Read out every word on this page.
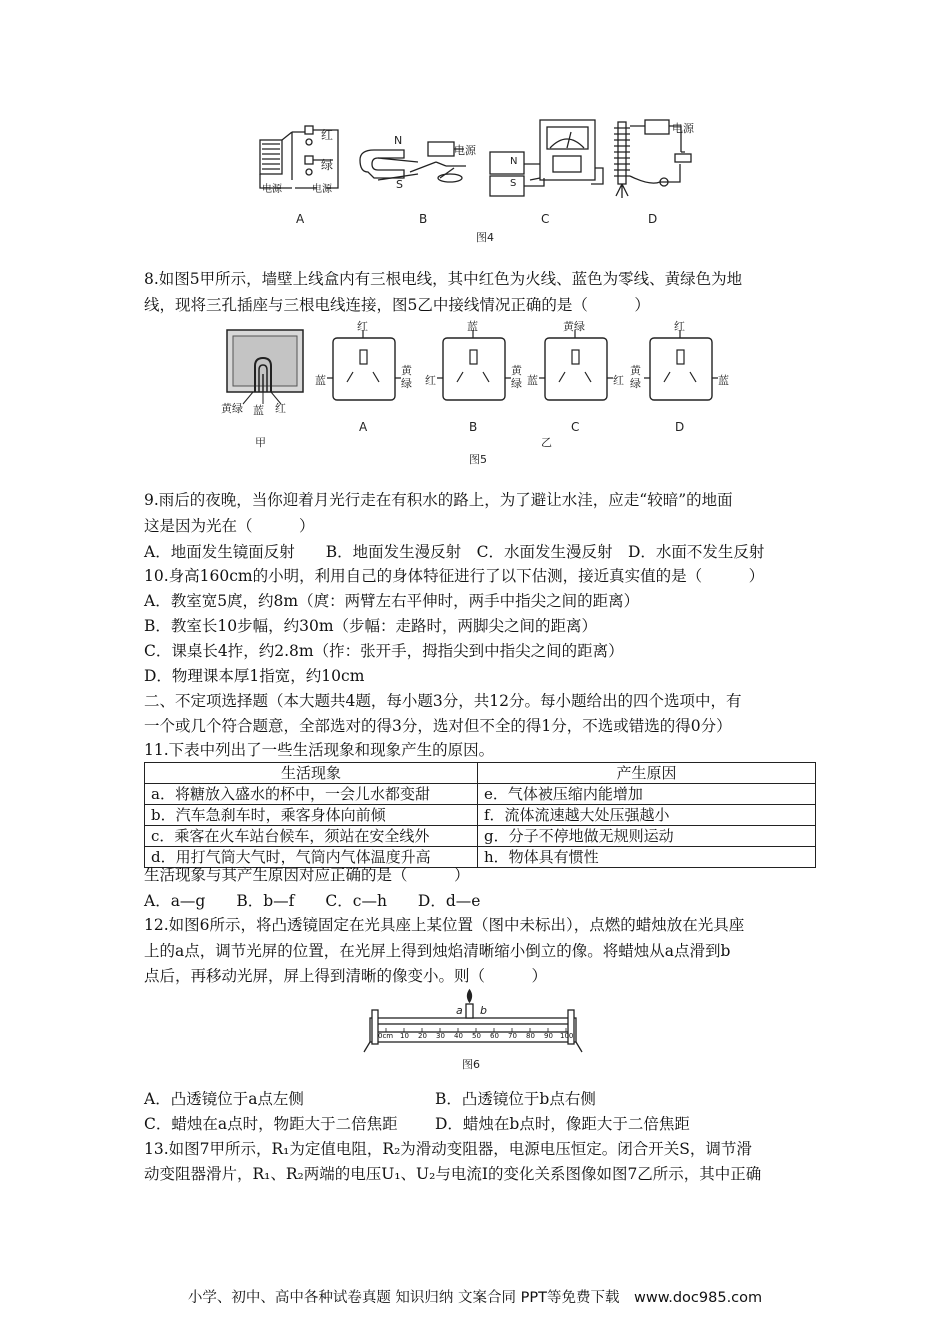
红
绿
电源	电源
N
S
电源
N
S
电源
A	B	C	D
图4
8.如图5甲所示，墙壁上线盒内有三根电线，其中红色为火线、蓝色为零线、黄绿色为地
线，现将三孔插座与三根电线连接，图5乙中接线情况正确的是（　　　）
黄绿 蓝 红
甲
红
蓝
黄绿
蓝
红
黄绿
黄绿
蓝	红
红
黄绿	蓝
A	B	C	D
乙
图5
9.雨后的夜晚，当你迎着月光行走在有积水的路上，为了避让水洼，应走“较暗”的地面
这是因为光在（　　　）
A．地面发生镜面反射　　B．地面发生漫反射　C．水面发生漫反射　D．水面不发生反射
10.身高160cm的小明，利用自己的身体特征进行了以下估测，接近真实值的是（　　　）
A．教室宽5庹，约8m（庹：两臂左右平伸时，两手中指尖之间的距离）
B．教室长10步幅，约30m（步幅：走路时，两脚尖之间的距离）
C．课桌长4拃，约2.8m（拃：张开手，拇指尖到中指尖之间的距离）
D．物理课本厚1指宽，约10cm
二、不定项选择题（本大题共4题，每小题3分，共12分。每小题给出的四个选项中，有
一个或几个符合题意，全部选对的得3分，选对但不全的得1分，不选或错选的得0分）
11.下表中列出了一些生活现象和现象产生的原因。
生活现象	产生原因
a．将糖放入盛水的杯中，一会儿水都变甜	e．气体被压缩内能增加
b．汽车急刹车时，乘客身体向前倾	f．流体流速越大处压强越小
c．乘客在火车站台候车，须站在安全线外	g．分子不停地做无规则运动
d．用打气筒大气时，气筒内气体温度升高	h．物体具有惯性
生活现象与其产生原因对应正确的是（　　　）
A．a—g　　B．b—f　　C．c—h　　D．d—e
12.如图6所示，将凸透镜固定在光具座上某位置（图中未标出），点燃的蜡烛放在光具座
上的a点，调节光屏的位置，在光屏上得到烛焰清晰缩小倒立的像。将蜡烛从a点滑到b
点后，再移动光屏，屏上得到清晰的像变小。则（　　　）
a b
0cm 10 20 30 40 50 60 70 80 90 100
图6
A．凸透镜位于a点左侧	B．凸透镜位于b点右侧
C．蜡烛在a点时，物距大于二倍焦距 D．蜡烛在b点时，像距大于二倍焦距
13.如图7甲所示，R₁为定值电阻，R₂为滑动变阻器，电源电压恒定。闭合开关S，调节滑
动变阻器滑片，R₁、R₂两端的电压U₁、U₂与电流I的变化关系图像如图7乙所示，其中正确
小学、初中、高中各种试卷真题 知识归纳 文案合同 PPT等免费下载　www.doc985.com
